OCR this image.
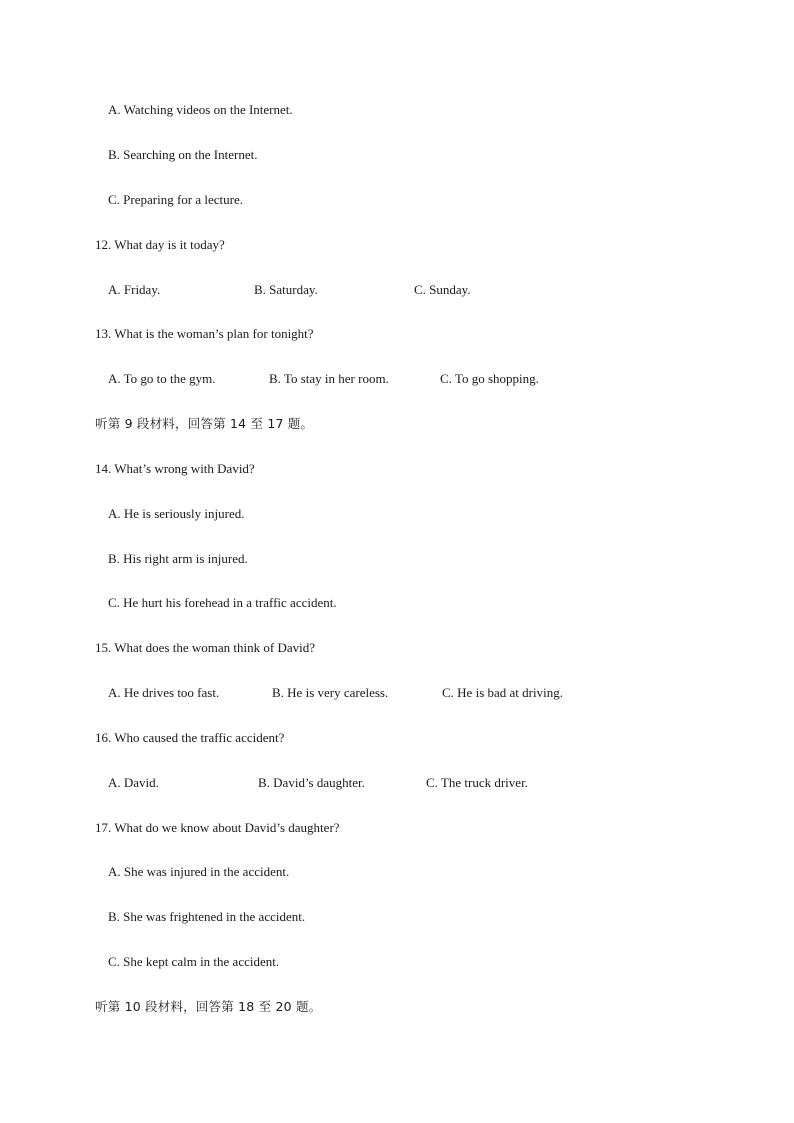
A. Watching videos on the Internet.
B. Searching on the Internet.
C. Preparing for a lecture.
12. What day is it today?
A. Friday.	B. Saturday.	C. Sunday.
13. What is the woman’s plan for tonight?
A. To go to the gym.	B. To stay in her room.	C. To go shopping.
听第 9 段材料，回答第 14 至 17 题。
14. What’s wrong with David?
A. He is seriously injured.
B. His right arm is injured.
C. He hurt his forehead in a traffic accident.
15. What does the woman think of David?
A. He drives too fast.	B. He is very careless.	C. He is bad at driving.
16. Who caused the traffic accident?
A. David.	B. David’s daughter.	C. The truck driver.
17. What do we know about David’s daughter?
A. She was injured in the accident.
B. She was frightened in the accident.
C. She kept calm in the accident.
听第 10 段材料，回答第 18 至 20 题。
